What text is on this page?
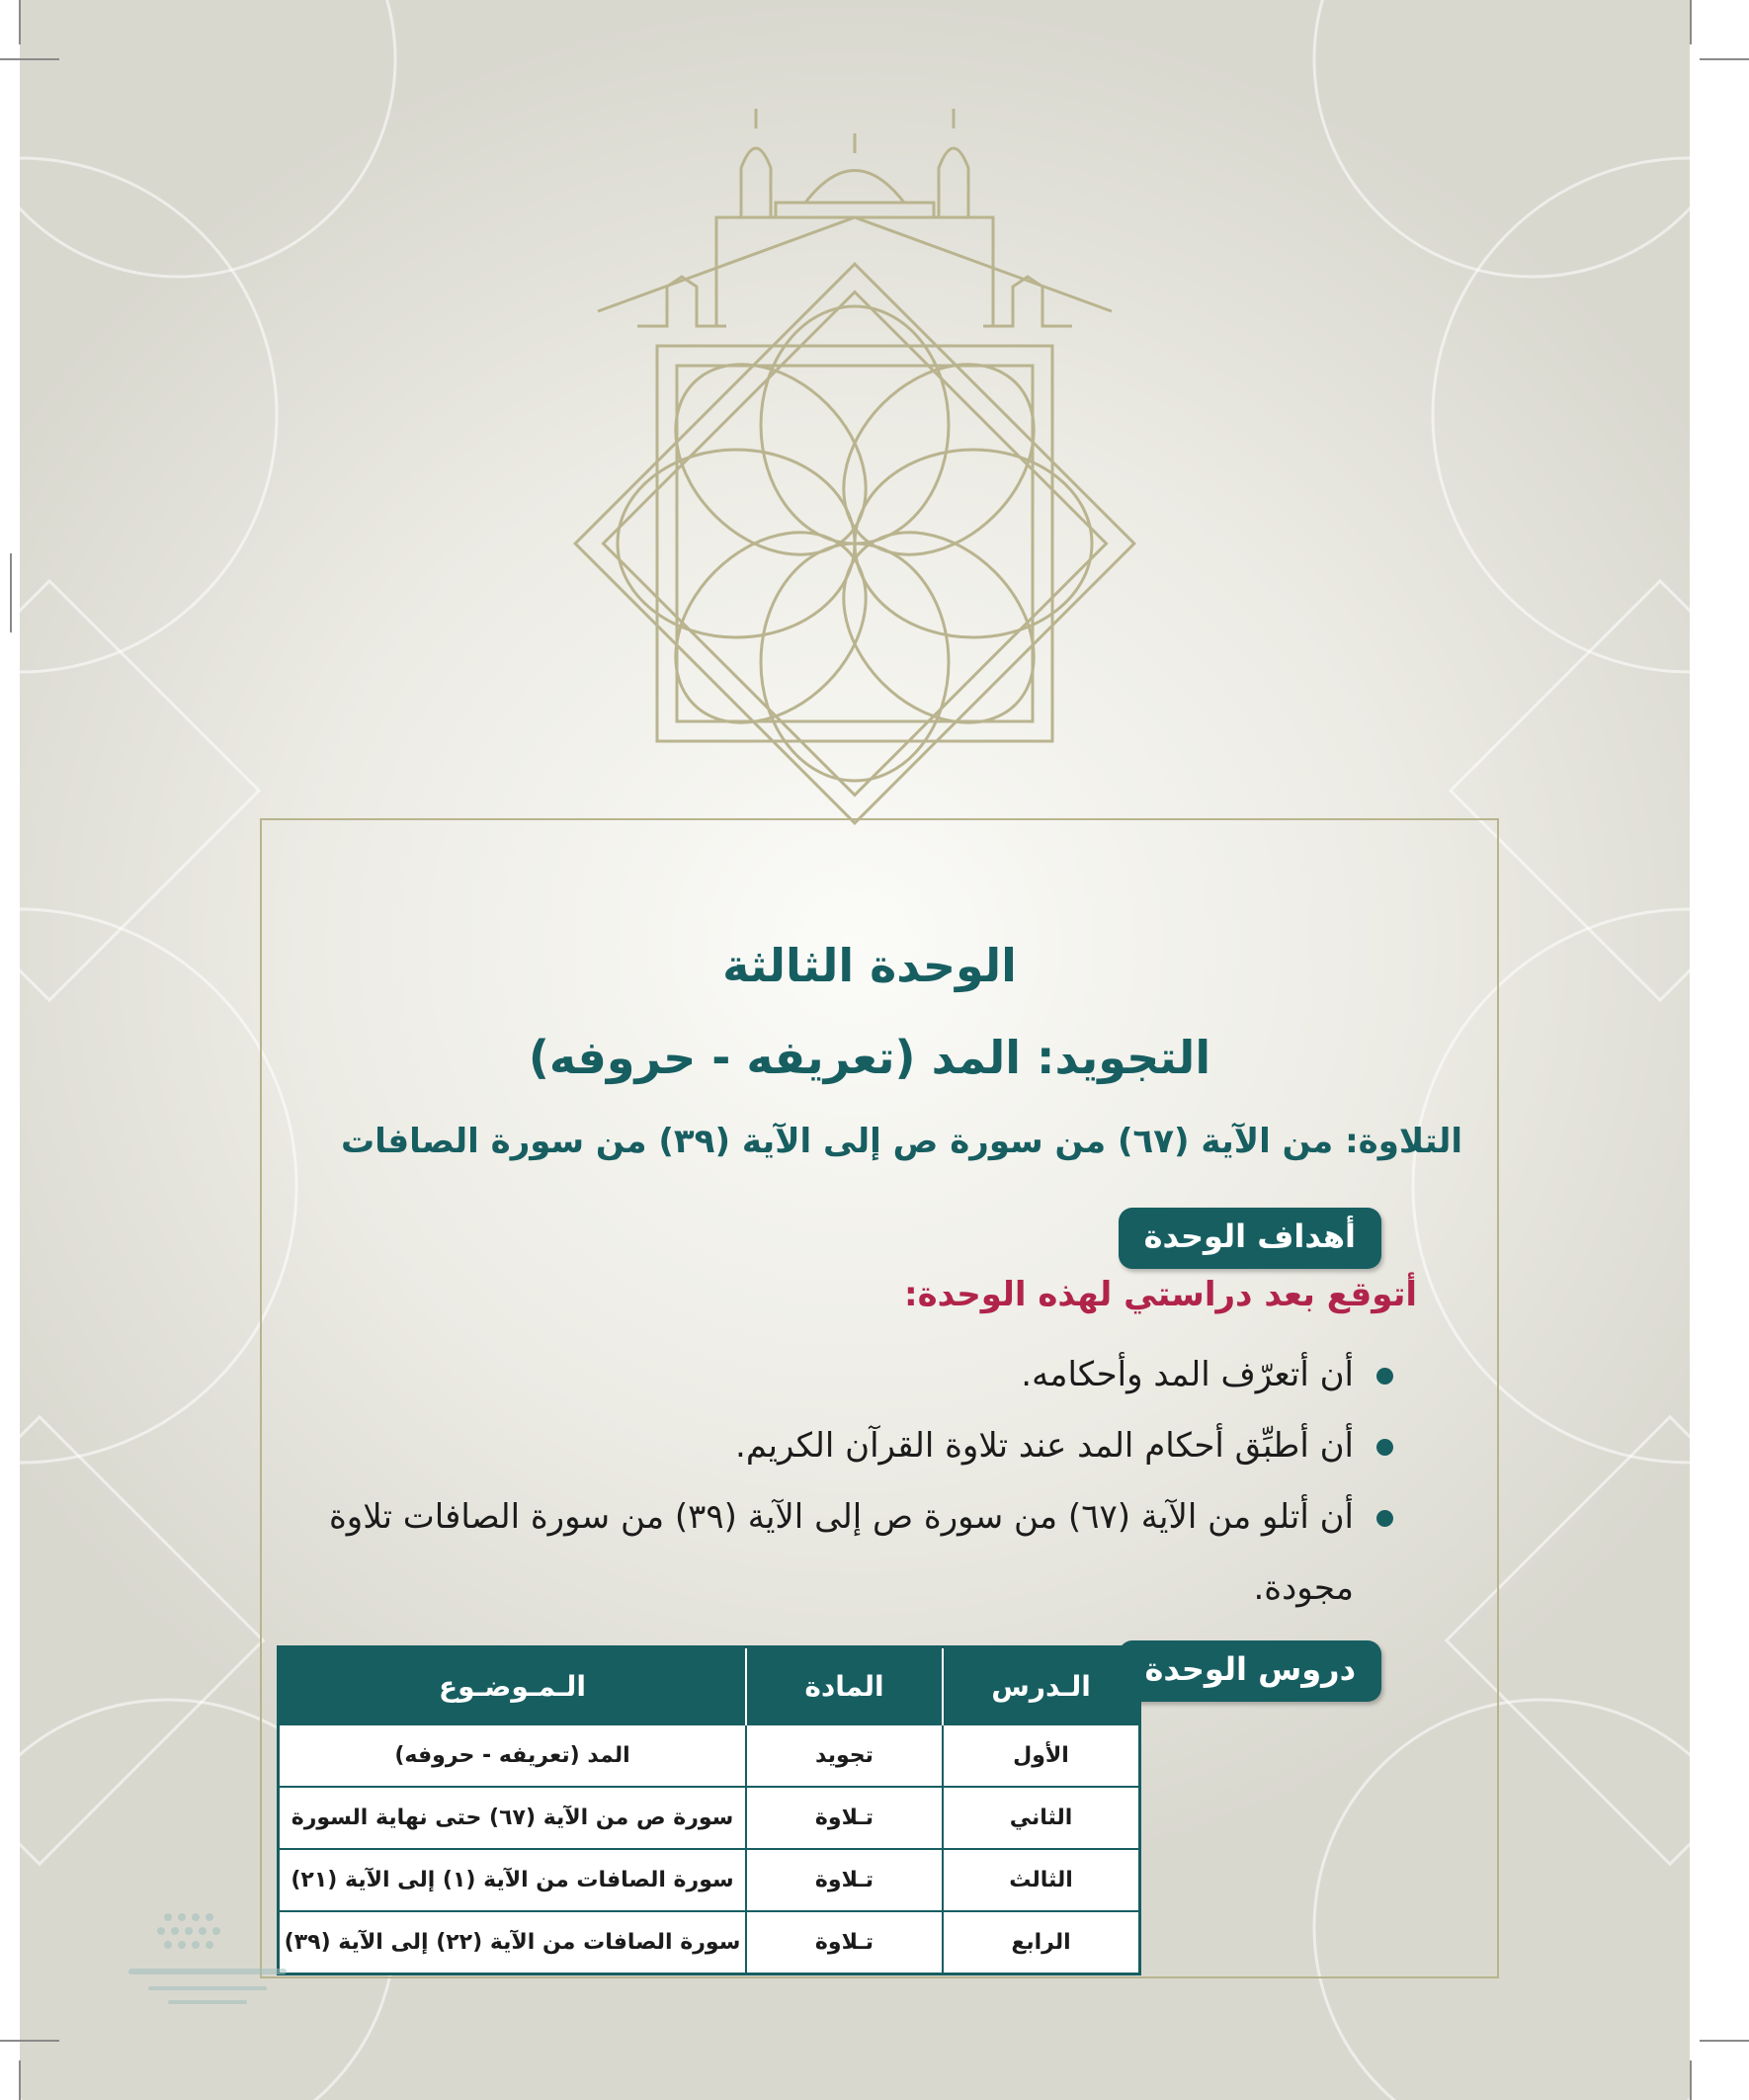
الوحدة الثالثة
التجويد: المد (تعريفه - حروفه)
التلاوة: من الآية (٦٧) من سورة ص إلى الآية (٣٩) من سورة الصافات
أهداف الوحدة
أتوقع بعد دراستي لهذه الوحدة:
أن أتعرّف المد وأحكامه.
أن أطبِّق أحكام المد عند تلاوة القرآن الكريم.
أن أتلو من الآية (٦٧) من سورة ص إلى الآية (٣٩) من سورة الصافات تلاوة مجودة.
دروس الوحدة
الـدرس	المادة	الـمـوضـوع
الأول	تجويد	المد (تعريفه - حروفه)
الثاني	تـلاوة	سورة ص من الآية (٦٧) حتى نهاية السورة
الثالث	تـلاوة	سورة الصافات من الآية (١) إلى الآية (٢١)
الرابع	تـلاوة	سورة الصافات من الآية (٢٢) إلى الآية (٣٩)
